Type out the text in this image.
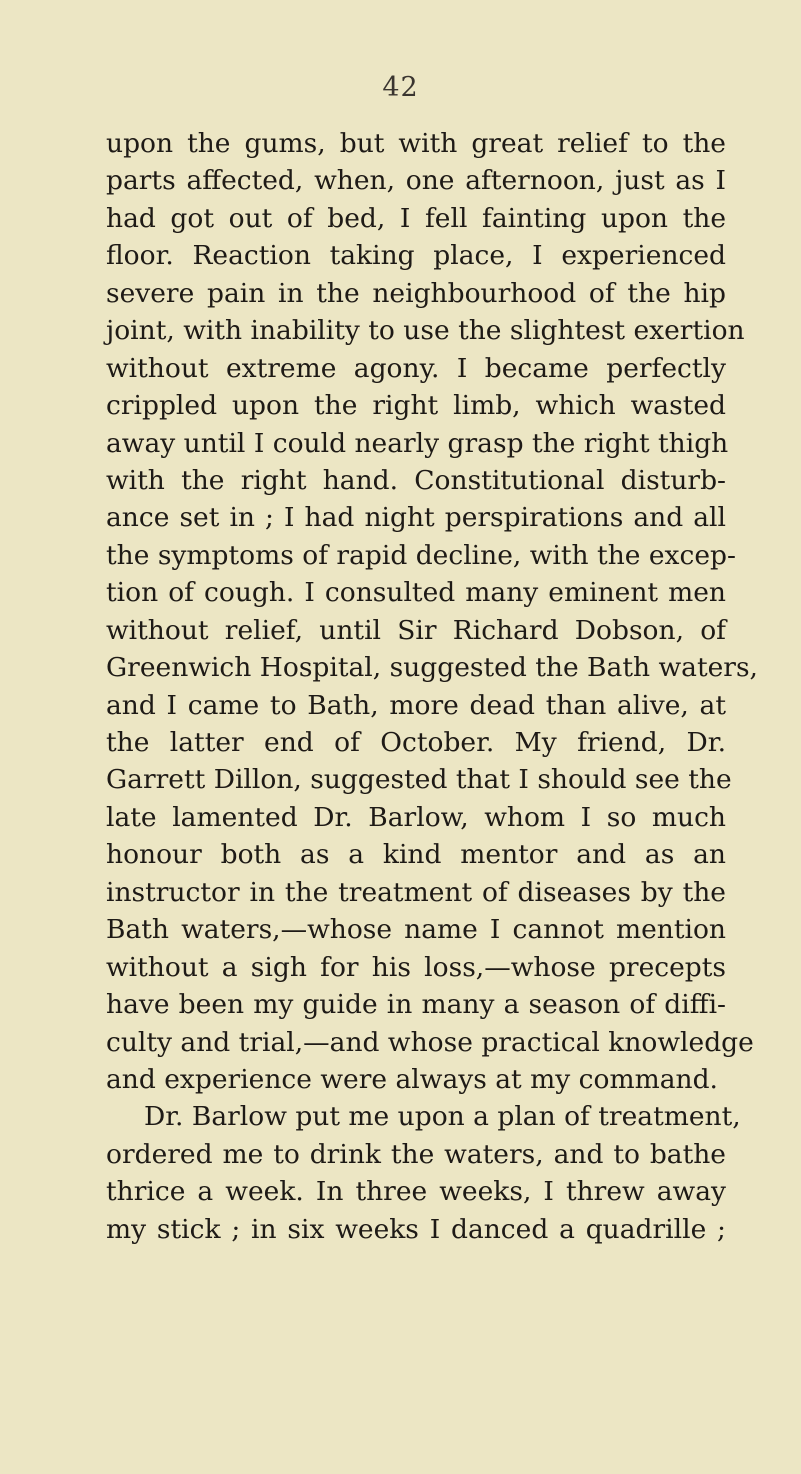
42
upon the gums, but with great relief to the
parts affected, when, one afternoon, just as I
had got out of bed, I fell fainting upon the
floor. Reaction taking place, I experienced
severe pain in the neighbourhood of the hip
joint, with inability to use the slightest exertion
without extreme agony. I became perfectly
crippled upon the right limb, which wasted
away until I could nearly grasp the right thigh
with the right hand. Constitutional disturb-
ance set in ; I had night perspirations and all
the symptoms of rapid decline, with the excep-
tion of cough. I consulted many eminent men
without relief, until Sir Richard Dobson, of
Greenwich Hospital, suggested the Bath waters,
and I came to Bath, more dead than alive, at
the latter end of October. My friend, Dr.
Garrett Dillon, suggested that I should see the
late lamented Dr. Barlow, whom I so much
honour both as a kind mentor and as an
instructor in the treatment of diseases by the
Bath waters,—whose name I cannot mention
without a sigh for his loss,—whose precepts
have been my guide in many a season of diffi-
culty and trial,—and whose practical knowledge
and experience were always at my command.
Dr. Barlow put me upon a plan of treatment,
ordered me to drink the waters, and to bathe
thrice a week. In three weeks, I threw away
my stick ; in six weeks I danced a quadrille ;
